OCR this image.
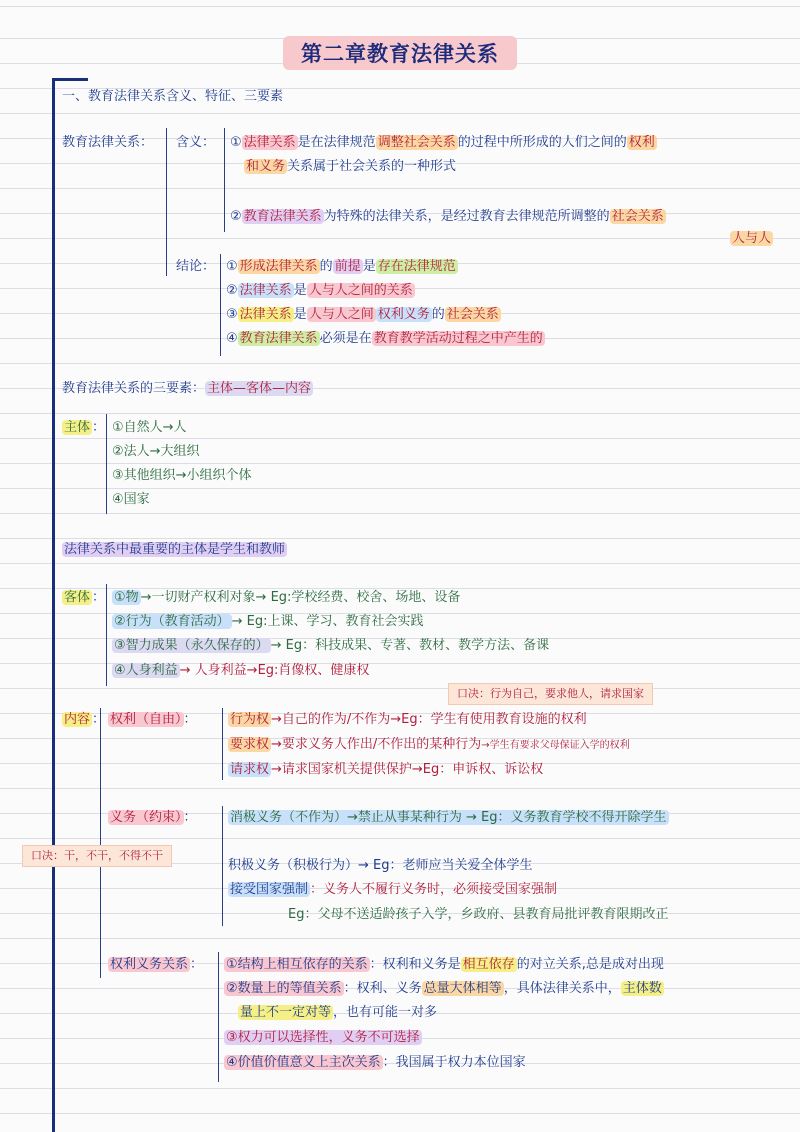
第二章教育法律关系
一、教育法律关系含义、特征、三要素
教育法律关系： 含义： ① 法律关系 是在法律规范 调整社会关系 的过程中所形成的人们之间的 权利
和义务 关系属于社会关系的一种形式
② 教育法律关系 为特殊的法律关系，是经过教育去律规范所调整的 社会关系
人与人
结论： ① 形成法律关系 的 前提 是 存在法律规范
② 法律关系 是 人与人之间的关系
③ 法律关系 是 人与人之间 权利义务 的 社会关系
④ 教育法律关系 必须是在 教育教学活动过程之中产生的
教育法律关系的三要素： 主体—客体—内容
主体 ： ①自然人→人
②法人→大组织
③其他组织→小组织个体
④国家
法律关系中最重要的主体是学生和教师
客体 ： ①物 →一切财产权利对象→ Eg:学校经费、校舍、场地、设备
②行为（教育活动） → Eg:上课、学习、教育社会实践
③智力成果（永久保存的） → Eg：科技成果、专著、教材、教学方法、备课
④人身利益 → 人身利益→Eg:肖像权、健康权
口决：行为自己，要求他人，请求国家
内容 ： 权利（自由） ：	行为权 →自己的作为/不作为→Eg：学生有使用教育设施的权利
要求权 →要求义务人作出/不作出的某种行为→学生有要求父母保证入学的权利
请求权 →请求国家机关提供保护→Eg：申诉权、诉讼权
义务（约束） ：	消极义务（不作为）→禁止从事某种行为 → Eg：义务教育学校不得开除学生
口决：干，不干，不得不干
积极义务（积极行为）→ Eg：老师应当关爱全体学生
接受国家强制 ：义务人不履行义务时，必须接受国家强制
Eg：父母不送适龄孩子入学，乡政府、县教育局批评教育限期改正
权利义务关系 ： ①结构上相互依存的关系 ：权利和义务是 相互依存 的对立关系,总是成对出现
②数量上的等值关系 ：权利、义务 总量大体相等 ，具体法律关系中， 主体数
量上不一定对等 ，也有可能一对多
③权力可以选择性，义务不可选择
④价值价值意义上主次关系 ：我国属于权力本位国家
